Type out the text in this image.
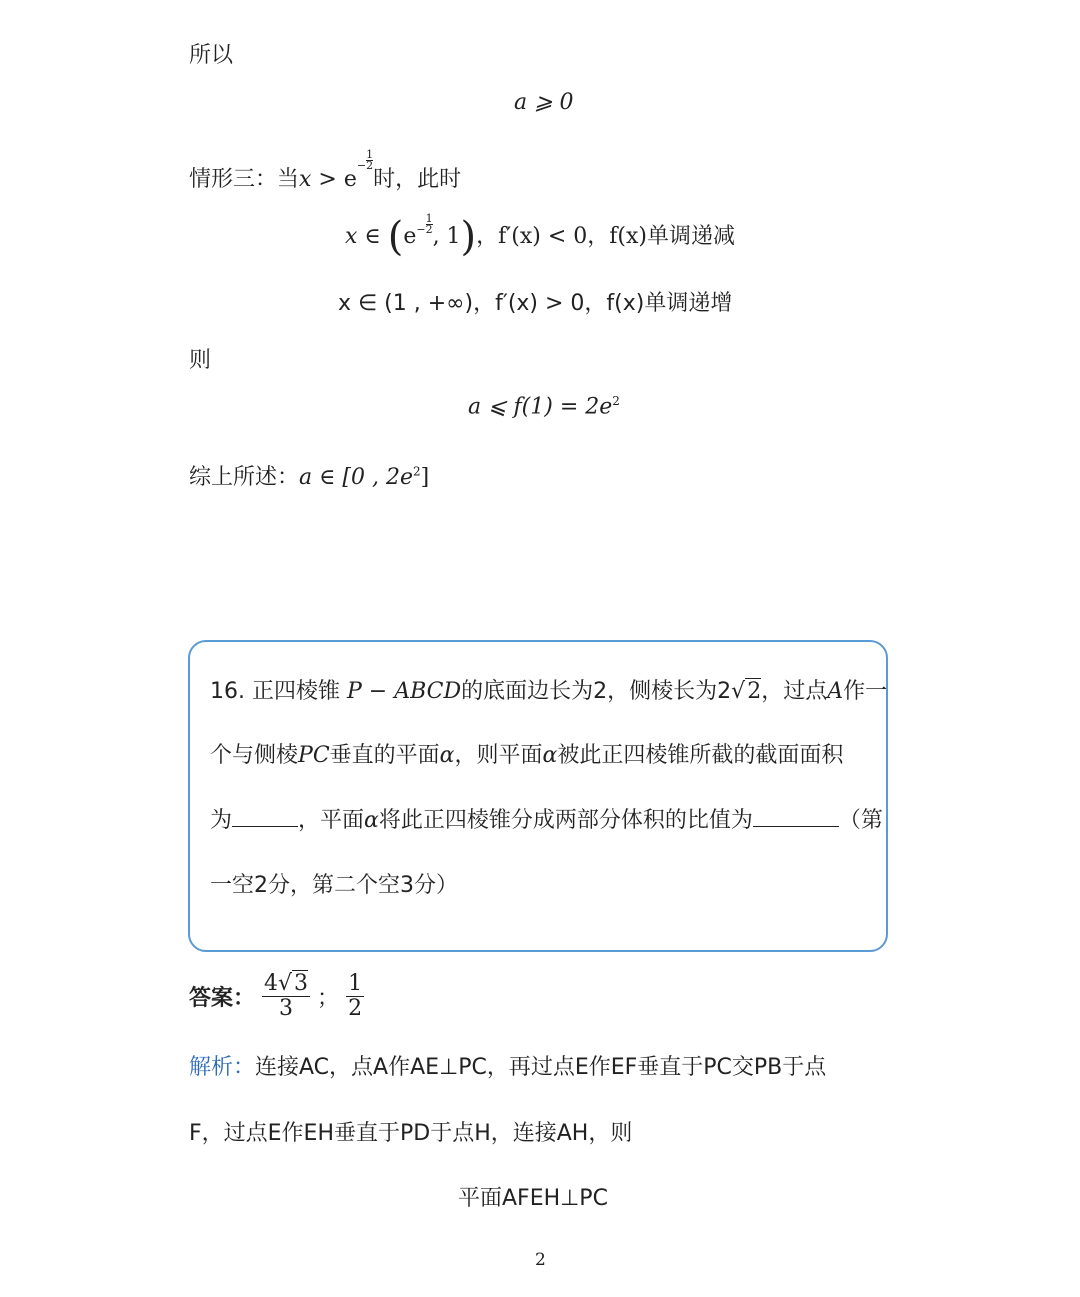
所以
a ⩾ 0
情形三：当$x > e- \frac{1}{2}$
时，此时
x ∈ ($e- \frac{1}{2}$ , 1)，f′(x) < 0，f(x)单调递减
x ∈ (1 , +∞)，f′(x) > 0，f(x)单调递增
则
a ⩽ $f(1) = 2e^2$
综上所述：a ∈ [0 , $2e^2$]
16. 正四棱锥 P − ABCD的底面边长为2，侧棱长为2√2，过点A作一
个与侧棱PC垂直的平面α，则平面α被此正四棱锥所截的截面面积
为	，平面α将此正四棱锥分成两部分体积的比值为	（第
一空2分，第二个空3分）
答案： $\frac{4√3}{3}$ ； $\frac{1}{2}$
解析：连接AC，点A作AE⊥PC，再过点E作EF垂直于PC交PB于点
F，过点E作EH垂直于PD于点H，连接AH，则
平面AFEH⊥PC
2
